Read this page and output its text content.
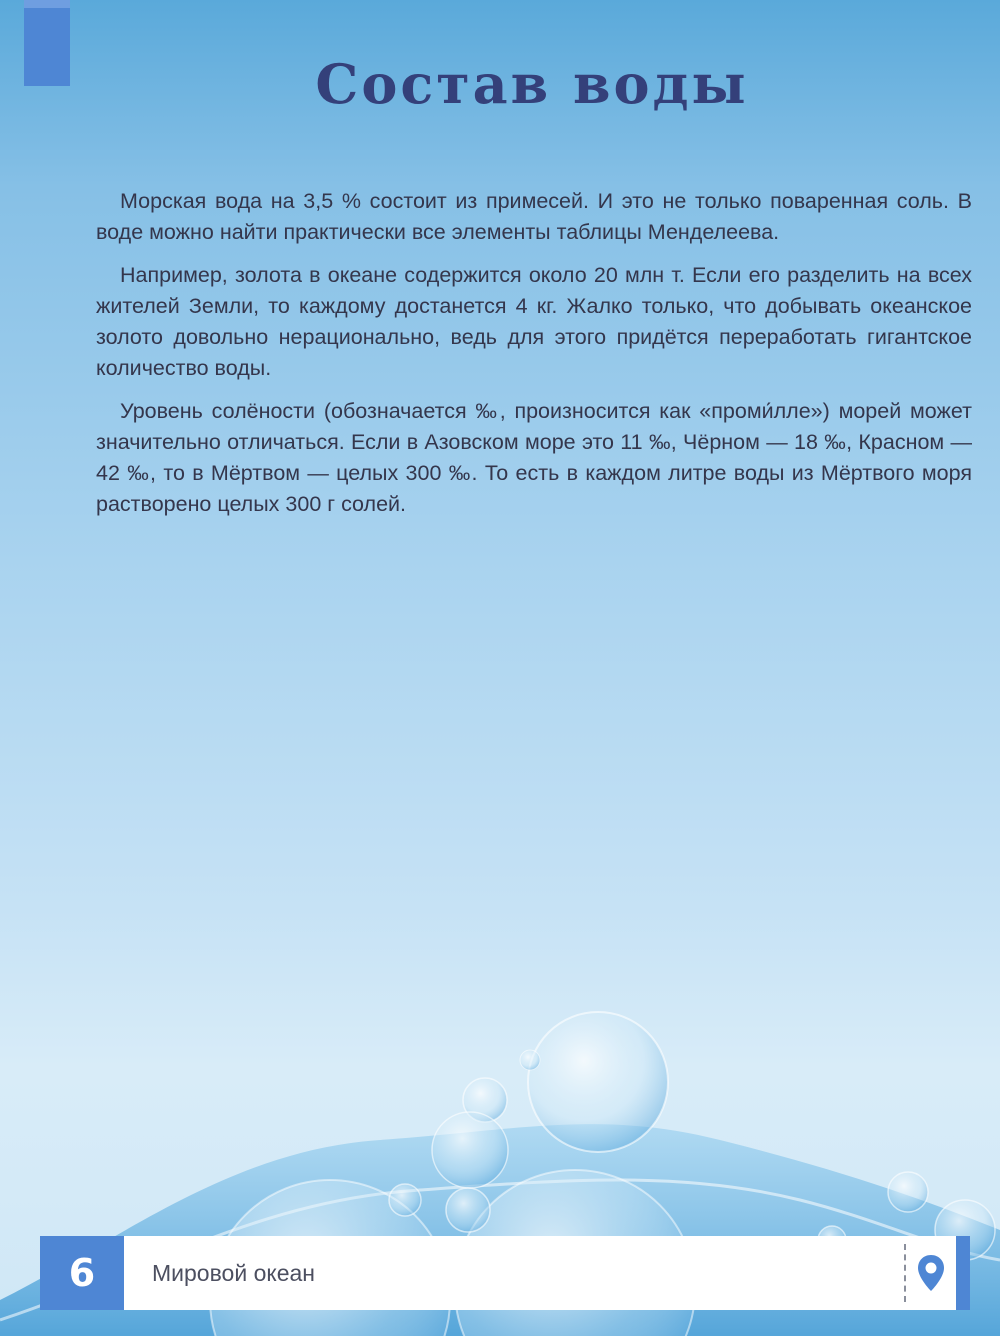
Состав воды

Морская вода на 3,5 % состоит из примесей. И это не только поваренная соль. В воде можно найти практически все элементы таблицы Менделеева.

Например, золота в океане содержится около 20 млн т. Если его разделить на всех жителей Земли, то каждому достанется 4 кг. Жалко только, что добывать океанское золото довольно нерационально, ведь для этого придётся переработать гигантское количество воды.

Уровень солёности (обозначается ‰, произносится как «проми́лле») морей может значительно отличаться. Если в Азовском море это 11 ‰, Чёрном — 18 ‰, Красном — 42 ‰, то в Мёртвом — целых 300 ‰. То есть в каждом литре воды из Мёртвого моря растворено целых 300 г солей.

6	Мировой океан
